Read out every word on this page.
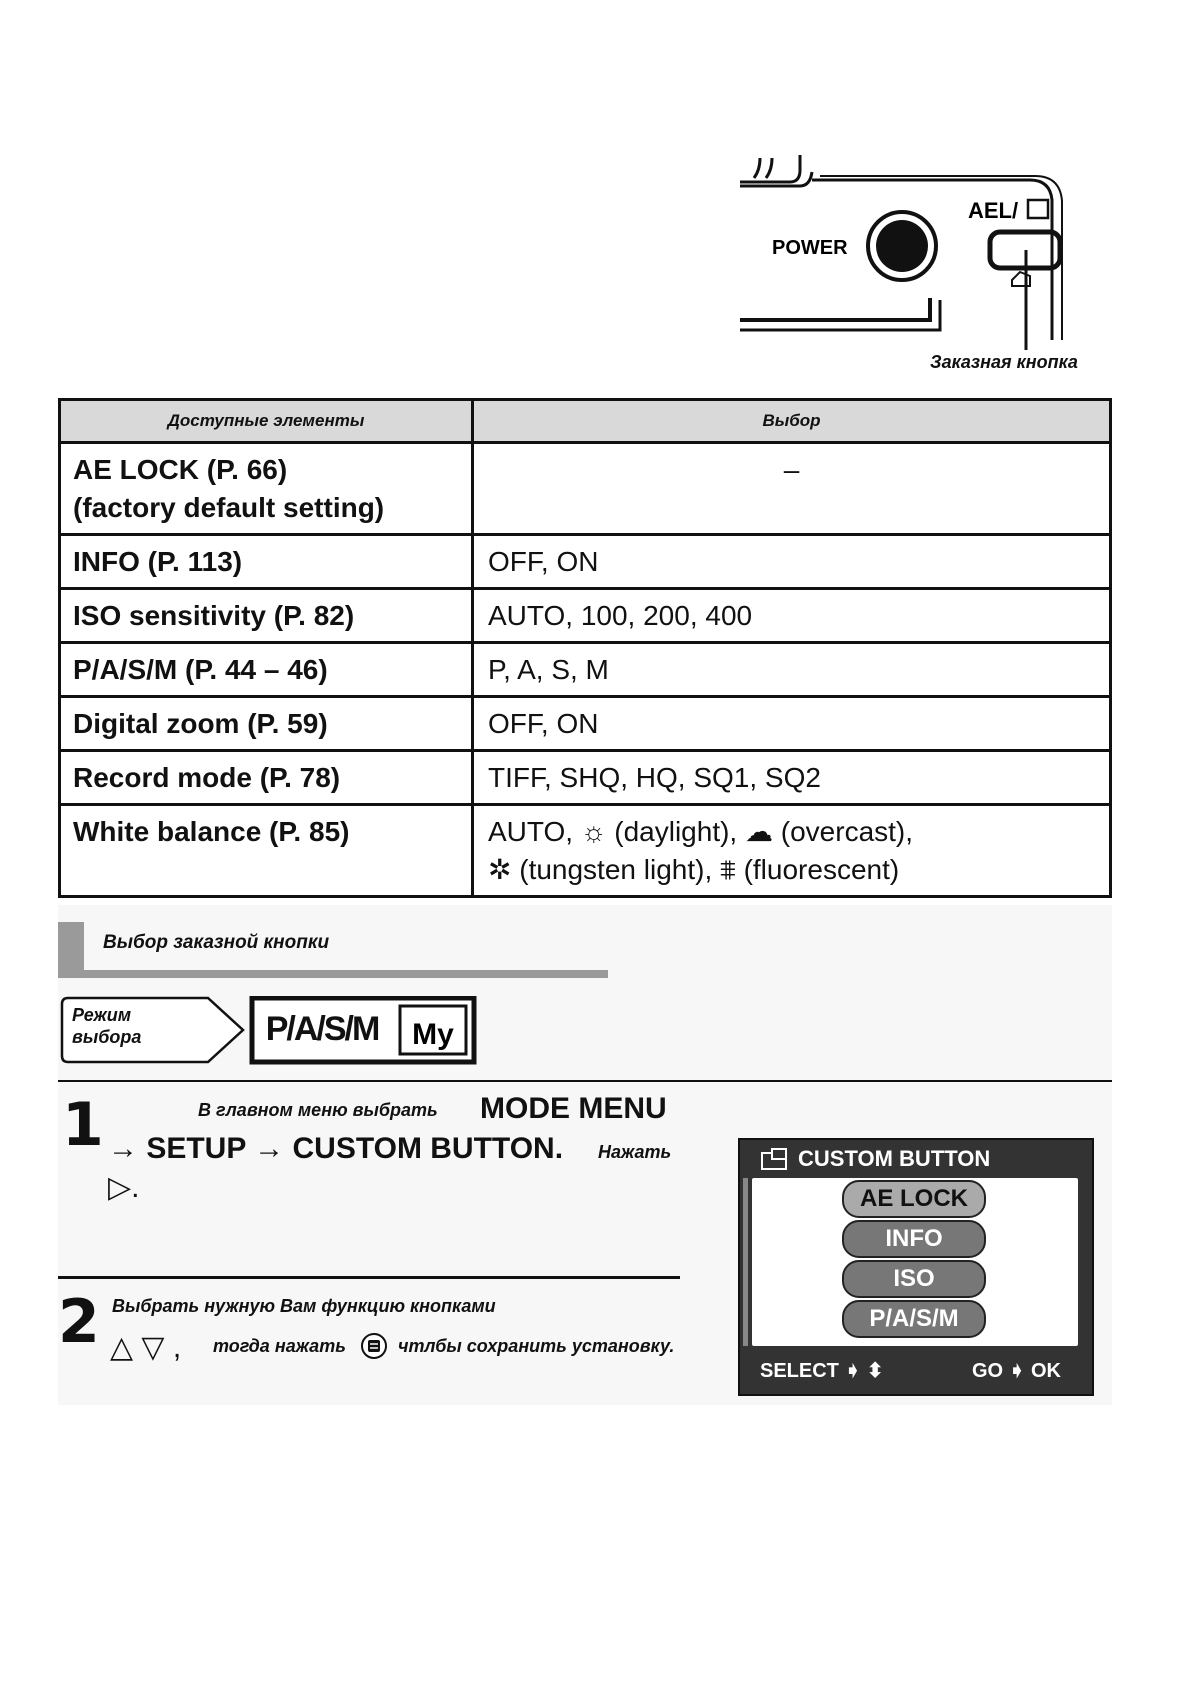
POWER
AEL/
Заказная кнопка
Доступные элементы	Выбор

AE LOCK (P. 66)
(factory default setting)	–

INFO (P. 113)	OFF, ON

ISO sensitivity (P. 82)	AUTO, 100, 200, 400

P/A/S/M (P. 44 – 46)	P, A, S, M

Digital zoom (P. 59)	OFF, ON

Record mode (P. 78)	TIFF, SHQ, HQ, SQ1, SQ2

White balance (P. 85)	AUTO, ☼ (daylight), ☁ (overcast),
✲ (tungsten light), ⩨ (fluorescent)
Выбор заказной кнопки
My
Режим
выбора	P/A/S/M
1	В главном меню выбрать MODE MENU
→ SETUP → CUSTOM BUTTON. Нажать
▷.
2 Выбрать нужную Вам функцию кнопками
△ ▽ , тогда нажать	чтлбы сохранить установку.
CUSTOM BUTTON
AE LOCK
INFO
ISO
P/A/S/M
SELECT ➧ ⬍	GO ➧ OK
